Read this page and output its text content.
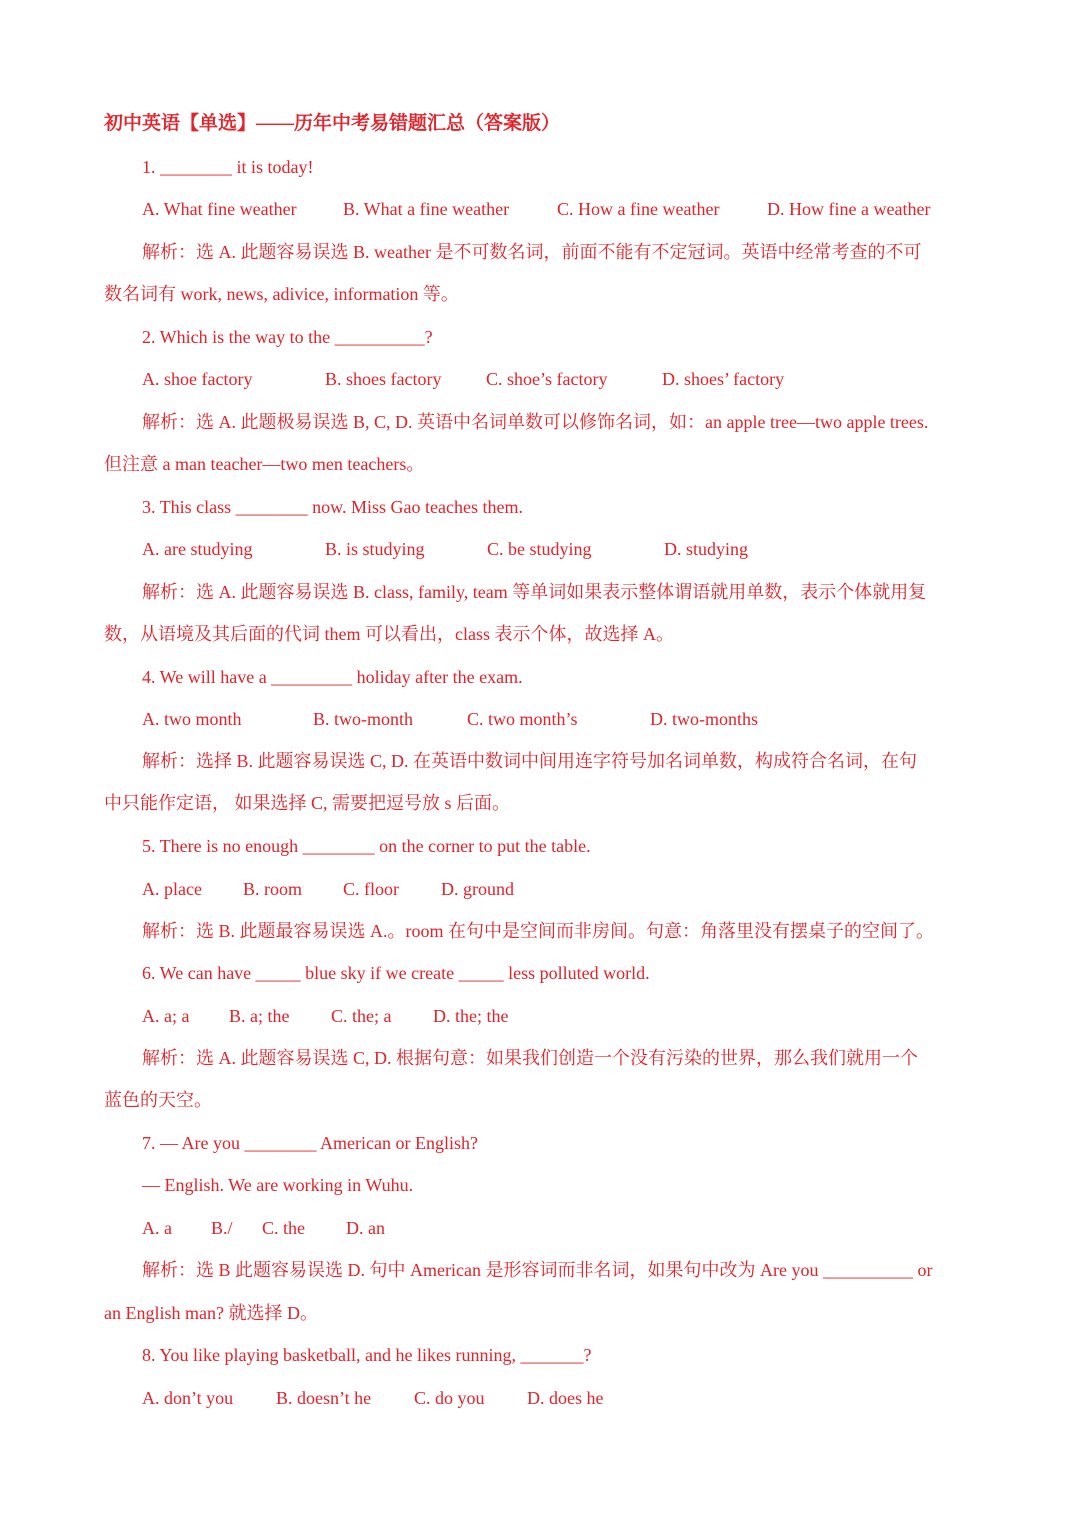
初中英语【单选】——历年中考易错题汇总（答案版）
1. ________ it is today!
A. What fine weather	B. What a fine weather	C. How a fine weather	D. How fine a weather
解析：选 A. 此题容易误选 B. weather 是不可数名词，前面不能有不定冠词。英语中经常考查的不可
数名词有 work, news, adivice, information 等。
2. Which is the way to the __________?
A. shoe factory	B. shoes factory C. shoe’s factory	D. shoes’ factory
解析：选 A. 此题极易误选 B, C, D. 英语中名词单数可以修饰名词，如：an apple tree—two apple trees.
但注意 a man teacher—two men teachers。
3. This class ________ now. Miss Gao teaches them.
A. are studying	B. is studying	C. be studying	D. studying
解析：选 A. 此题容易误选 B. class, family, team 等单词如果表示整体谓语就用单数，表示个体就用复
数，从语境及其后面的代词 them 可以看出，class 表示个体，故选择 A。
4. We will have a _________ holiday after the exam.
A. two month	B. two-month	C. two month’s	D. two-months
解析：选择 B. 此题容易误选 C, D. 在英语中数词中间用连字符号加名词单数，构成符合名词，在句
中只能作定语， 如果选择 C, 需要把逗号放 s 后面。
5. There is no enough ________ on the corner to put the table.
A. place B. room C. floor D. ground
解析：选 B. 此题最容易误选 A.。room 在句中是空间而非房间。句意：角落里没有摆桌子的空间了。
6. We can have _____ blue sky if we create _____ less polluted world.
A. a; a B. a; the C. the; a D. the; the
解析：选 A. 此题容易误选 C, D. 根据句意：如果我们创造一个没有污染的世界，那么我们就用一个
蓝色的天空。
7. — Are you ________ American or English?
— English. We are working in Wuhu.
A. a B./ C. the D. an
解析：选 B 此题容易误选 D. 句中 American 是形容词而非名词，如果句中改为 Are you __________ or
an English man? 就选择 D。
8. You like playing basketball, and he likes running, _______?
A. don’t you B. doesn’t he C. do you D. does he
